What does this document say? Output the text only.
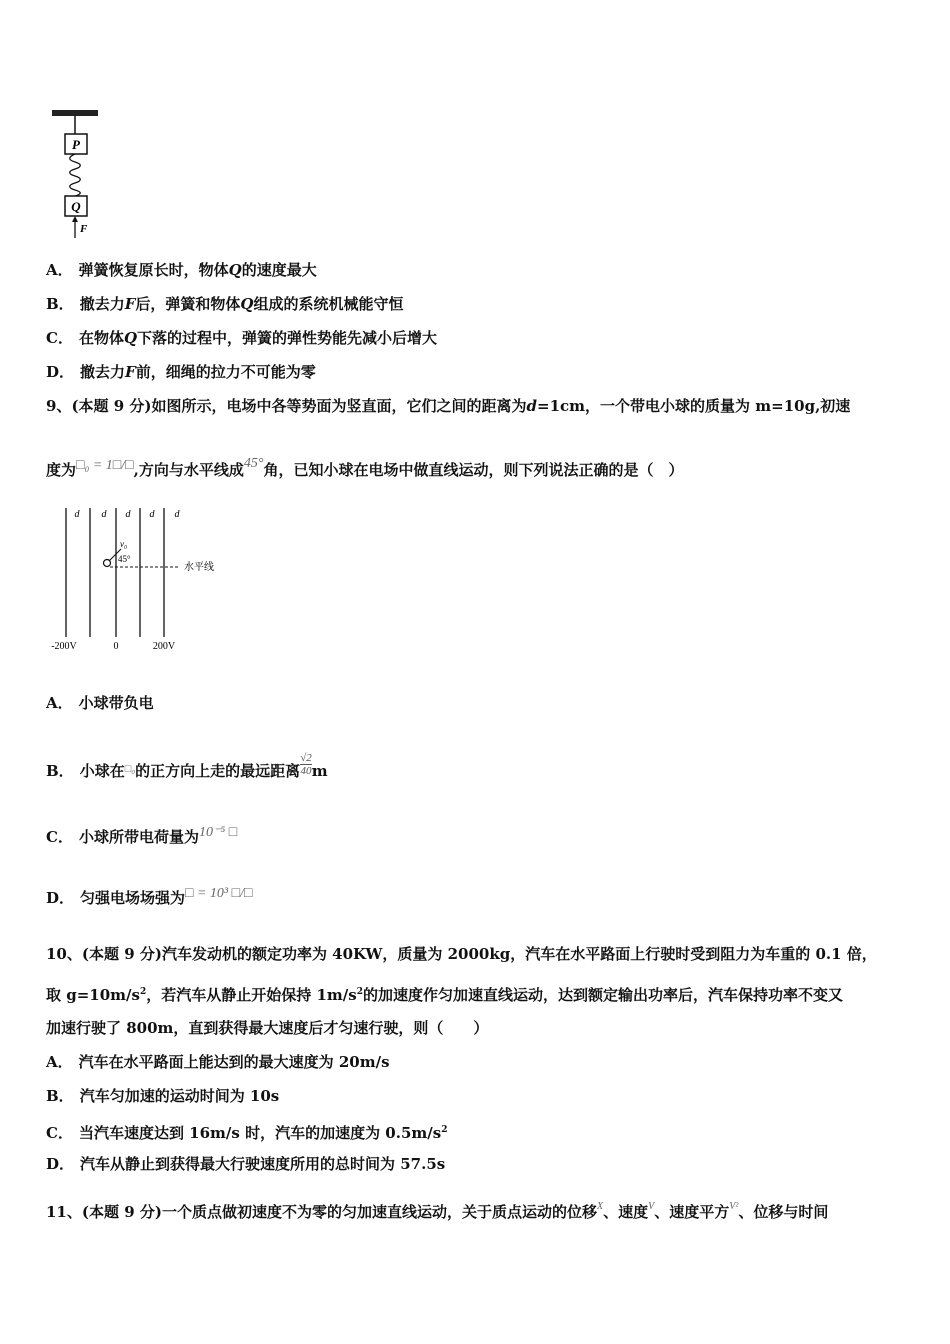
P
Q
F
A． 弹簧恢复原长时，物体Q的速度最大
B． 撤去力F后，弹簧和物体Q组成的系统机械能守恒
C． 在物体Q下落的过程中，弹簧的弹性势能先减小后增大
D． 撤去力F前，细绳的拉力不可能为零
9、(本题 9 分)如图所示，电场中各等势面为竖直面，它们之间的距离为d=1cm，一个带电小球的质量为 m=10g,初速
度为□₀ = 1□/□,方向与水平线成45°角，已知小球在电场中做直线运动，则下列说法正确的是（　）
d d d d d
水平线
v₀
45°
-200V	0	200V
A． 小球带负电
B． 小球在$^{□_0}$的正方向上走的最远距离 $\frac{√2}{40}$ m
C． 小球所带电荷量为10⁻⁵ □
D． 匀强电场场强为□ = 10³ □/□
10、(本题 9 分)汽车发动机的额定功率为 40KW，质量为 2000kg，汽车在水平路面上行驶时受到阻力为车重的 0.1 倍，
取 $g=10m/s^2$，若汽车从静止开始保持 $1m/s^2$的加速度作匀加速直线运动，达到额定输出功率后，汽车保持功率不变又
加速行驶了 800m，直到获得最大速度后才匀速行驶，则（　　）
A． 汽车在水平路面上能达到的最大速度为 20m/s
B． 汽车匀加速的运动时间为 10s
C． 当汽车速度达到 16m/s 时，汽车的加速度为 $0.5m/s^2$
D． 汽车从静止到获得最大行驶速度所用的总时间为 57.5s
11、(本题 9 分)一个质点做初速度不为零的匀加速直线运动，关于质点运动的位移$^X$、速度$^V$、速度平方$^{V^2}$、位移与时间
